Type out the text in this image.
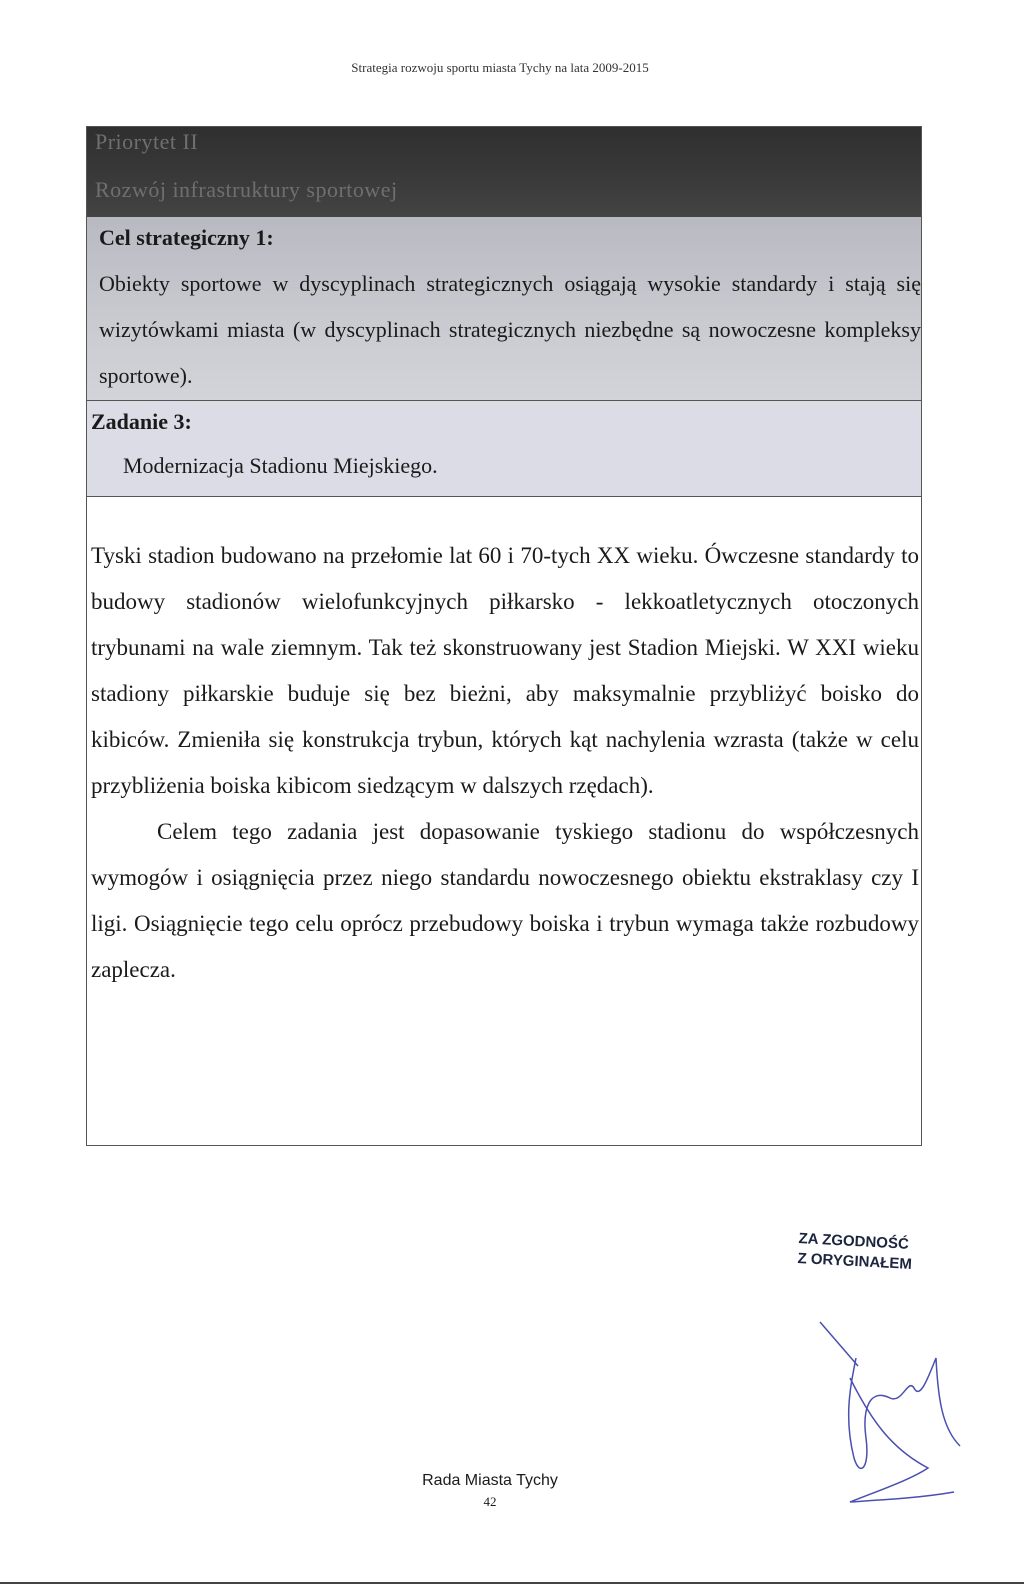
Strategia rozwoju sportu miasta Tychy na lata 2009-2015
Priorytet II
Rozwój infrastruktury sportowej
Cel strategiczny 1:
Obiekty sportowe w dyscyplinach strategicznych osiągają wysokie standardy i stają się wizytówkami miasta (w dyscyplinach strategicznych niezbędne są nowoczesne kompleksy sportowe).
Zadanie 3:
Modernizacja Stadionu Miejskiego.

Tyski stadion budowano na przełomie lat 60 i 70-tych XX wieku. Ówczesne standardy to budowy stadionów wielofunkcyjnych piłkarsko - lekkoatletycznych otoczonych trybunami na wale ziemnym. Tak też skonstruowany jest Stadion Miejski. W XXI wieku stadiony piłkarskie buduje się bez bieżni, aby maksymalnie przybliżyć boisko do kibiców. Zmieniła się konstrukcja trybun, których kąt nachylenia wzrasta (także w celu przybliżenia boiska kibicom siedzącym w dalszych rzędach).

Celem tego zadania jest dopasowanie tyskiego stadionu do współczesnych wymogów i osiągnięcia przez niego standardu nowoczesnego obiektu ekstraklasy czy I ligi. Osiągnięcie tego celu oprócz przebudowy boiska i trybun wymaga także rozbudowy zaplecza.

ZA ZGODNOŚĆ
Z ORYGINAŁEM
Rada Miasta Tychy
42
